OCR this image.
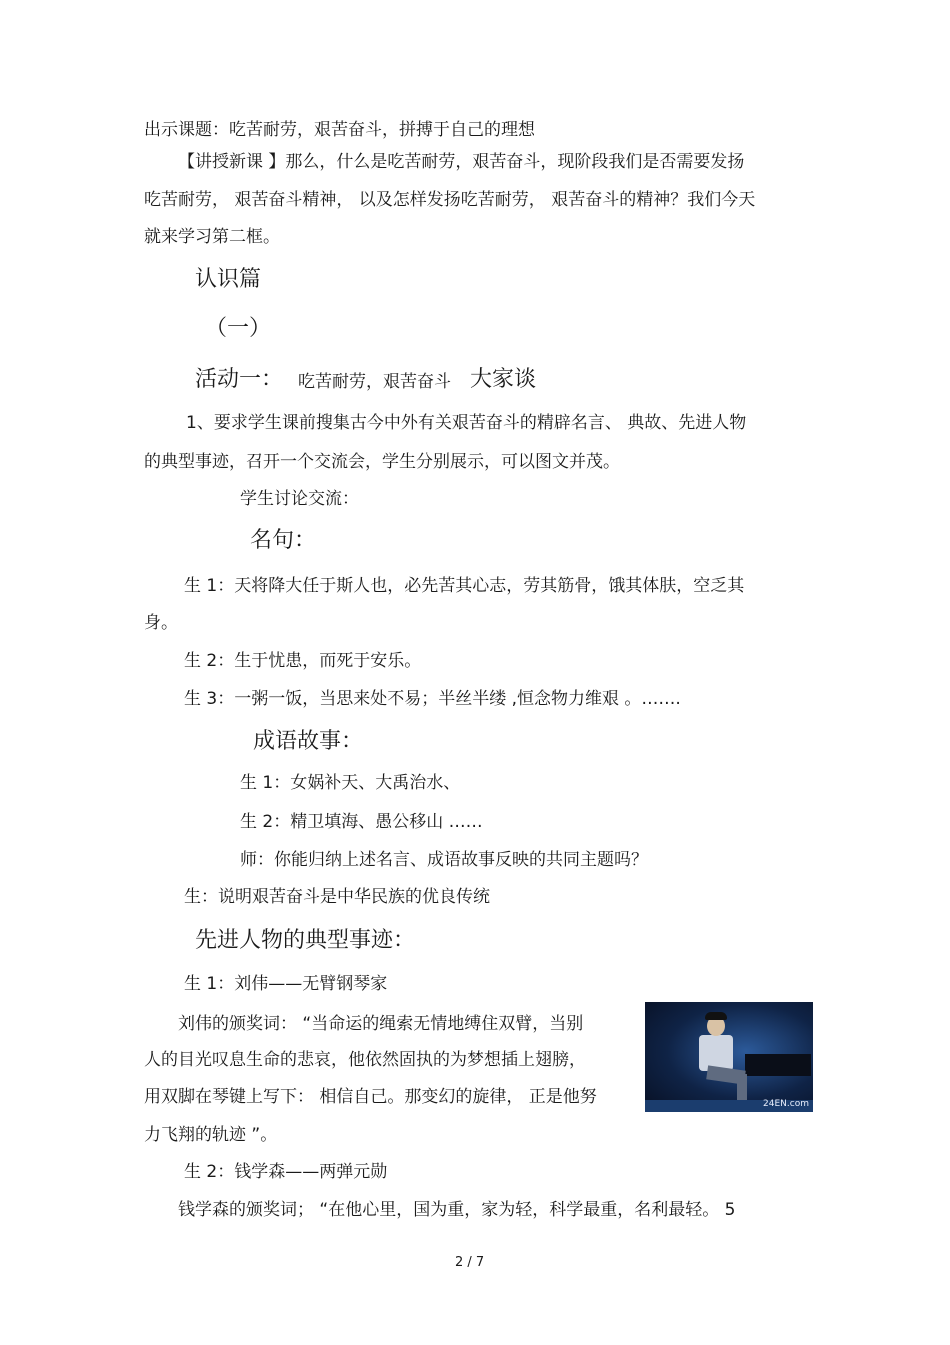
出示课题：吃苦耐劳，艰苦奋斗，拼搏于自己的理想
【讲授新课 】那么，什么是吃苦耐劳，艰苦奋斗，现阶段我们是否需要发扬
吃苦耐劳， 艰苦奋斗精神， 以及怎样发扬吃苦耐劳， 艰苦奋斗的精神？我们今天
就来学习第二框。
认识篇
（一）
活动一： 吃苦耐劳，艰苦奋斗 大家谈
1、要求学生课前搜集古今中外有关艰苦奋斗的精辟名言、 典故、先进人物
的典型事迹，召开一个交流会，学生分别展示，可以图文并茂。
学生讨论交流：
名句：
生 1：天将降大任于斯人也，必先苦其心志，劳其筋骨，饿其体肤，空乏其
身。
生 2：生于忧患，而死于安乐。
生 3：一粥一饭，当思来处不易；半丝半缕 ,恒念物力维艰 。…….
成语故事：
生 1：女娲补天、大禹治水、
生 2：精卫填海、愚公移山 ……
师：你能归纳上述名言、成语故事反映的共同主题吗？
生：说明艰苦奋斗是中华民族的优良传统
先进人物的典型事迹：
生 1：刘伟——无臂钢琴家
刘伟的颁奖词： “当命运的绳索无情地缚住双臂，当别
人的目光叹息生命的悲哀，他依然固执的为梦想插上翅膀，
用双脚在琴键上写下： 相信自己。那变幻的旋律， 正是他努
力飞翔的轨迹 ”。
24EN.com
生 2：钱学森——两弹元勋
钱学森的颁奖词； “在他心里，国为重，家为轻，科学最重，名利最轻。 5
2 / 7
